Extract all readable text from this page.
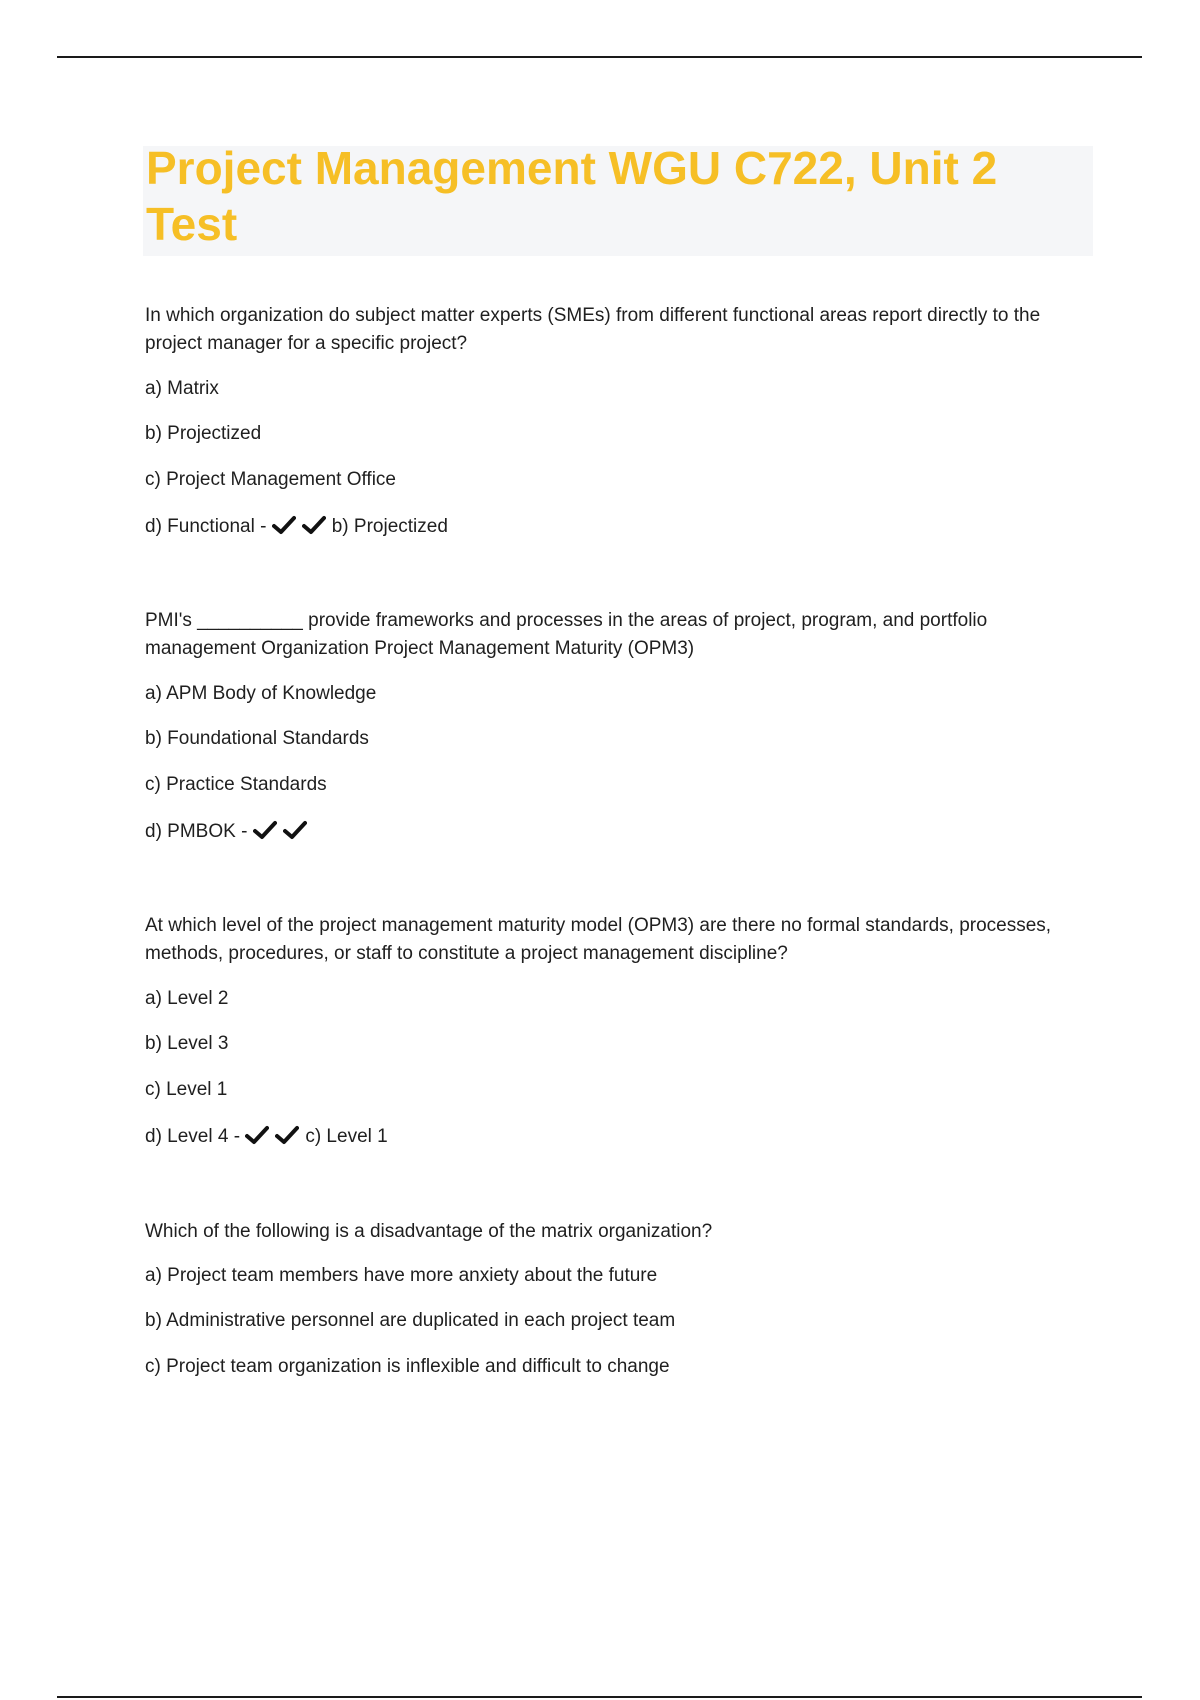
Project Management WGU C722, Unit 2 Test

In which organization do subject matter experts (SMEs) from different functional areas report directly to the project manager for a specific project?

a) Matrix

b) Projectized

c) Project Management Office

d) Functional -	b) Projectized

PMI's __________ provide frameworks and processes in the areas of project, program, and portfolio management Organization Project Management Maturity (OPM3)

a) APM Body of Knowledge

b) Foundational Standards

c) Practice Standards

d) PMBOK -

At which level of the project management maturity model (OPM3) are there no formal standards, processes, methods, procedures, or staff to constitute a project management discipline?

a) Level 2

b) Level 3

c) Level 1

d) Level 4 -	c) Level 1

Which of the following is a disadvantage of the matrix organization?

a) Project team members have more anxiety about the future

b) Administrative personnel are duplicated in each project team

c) Project team organization is inflexible and difficult to change
